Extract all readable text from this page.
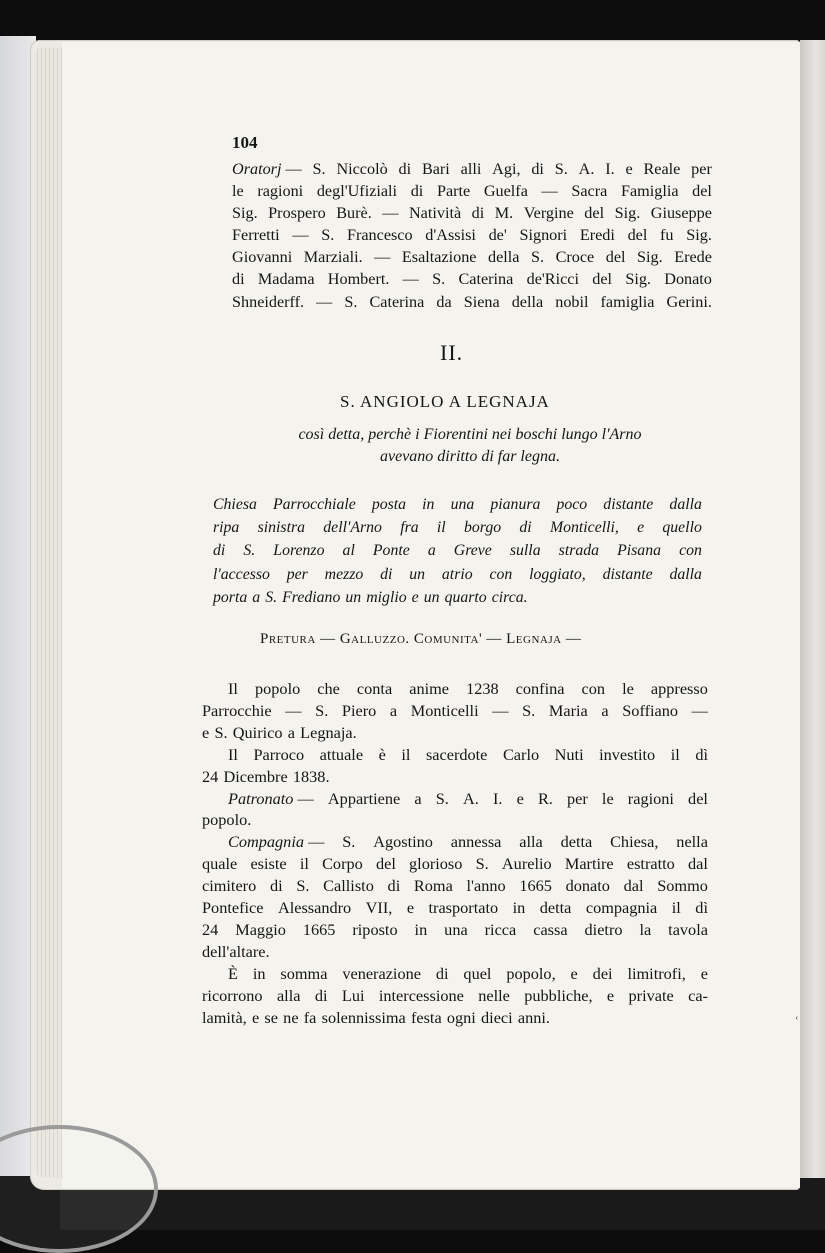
ʿ
104
Oratorj
— S. Niccolò di Bari alli Agi, di S. A. I. e Reale per
le ragioni degl'Ufiziali di Parte Guelfa — Sacra Famiglia del
Sig. Prospero Burè. — Natività di M. Vergine del Sig. Giuseppe
Ferretti — S. Francesco d'Assisi de' Signori Eredi del fu Sig.
Giovanni Marziali. — Esaltazione della S. Croce del Sig. Erede
di Madama Hombert. — S. Caterina de'Ricci del Sig. Donato
Shneiderff. — S. Caterina da Siena della nobil famiglia Gerini.
II.
S. ANGIOLO A LEGNAJA
così detta, perchè i Fiorentini nei boschi lungo l'Arno
avevano diritto di far legna.
Chiesa Parrocchiale posta in una pianura poco distante dalla
ripa sinistra dell'Arno fra il borgo di Monticelli, e quello
di S. Lorenzo al Ponte a Greve sulla strada Pisana con
l'accesso per mezzo di un atrio con loggiato, distante dalla
porta a S. Frediano un miglio e un quarto circa.
Pretura — Galluzzo. Comunita' — Legnaja —
Il popolo che conta anime 1238 confina con le appresso
Parrocchie — S. Piero a Monticelli — S. Maria a Soffiano —
e S. Quirico a Legnaja.
Il Parroco attuale è il sacerdote Carlo Nuti investito il dì
24 Dicembre 1838.
Patronato
— Appartiene a S. A. I. e R. per le ragioni del
popolo.
Compagnia
— S. Agostino annessa alla detta Chiesa, nella
quale esiste il Corpo del glorioso S. Aurelio Martire estratto dal
cimitero di S. Callisto di Roma l'anno 1665 donato dal Sommo
Pontefice Alessandro VII, e trasportato in detta compagnia il dì
24 Maggio 1665 riposto in una ricca cassa dietro la tavola
dell'altare.
È in somma venerazione di quel popolo, e dei limitrofi, e
ricorrono alla di Lui intercessione nelle pubbliche, e private ca-
lamità, e se ne fa solennissima festa ogni dieci anni.
